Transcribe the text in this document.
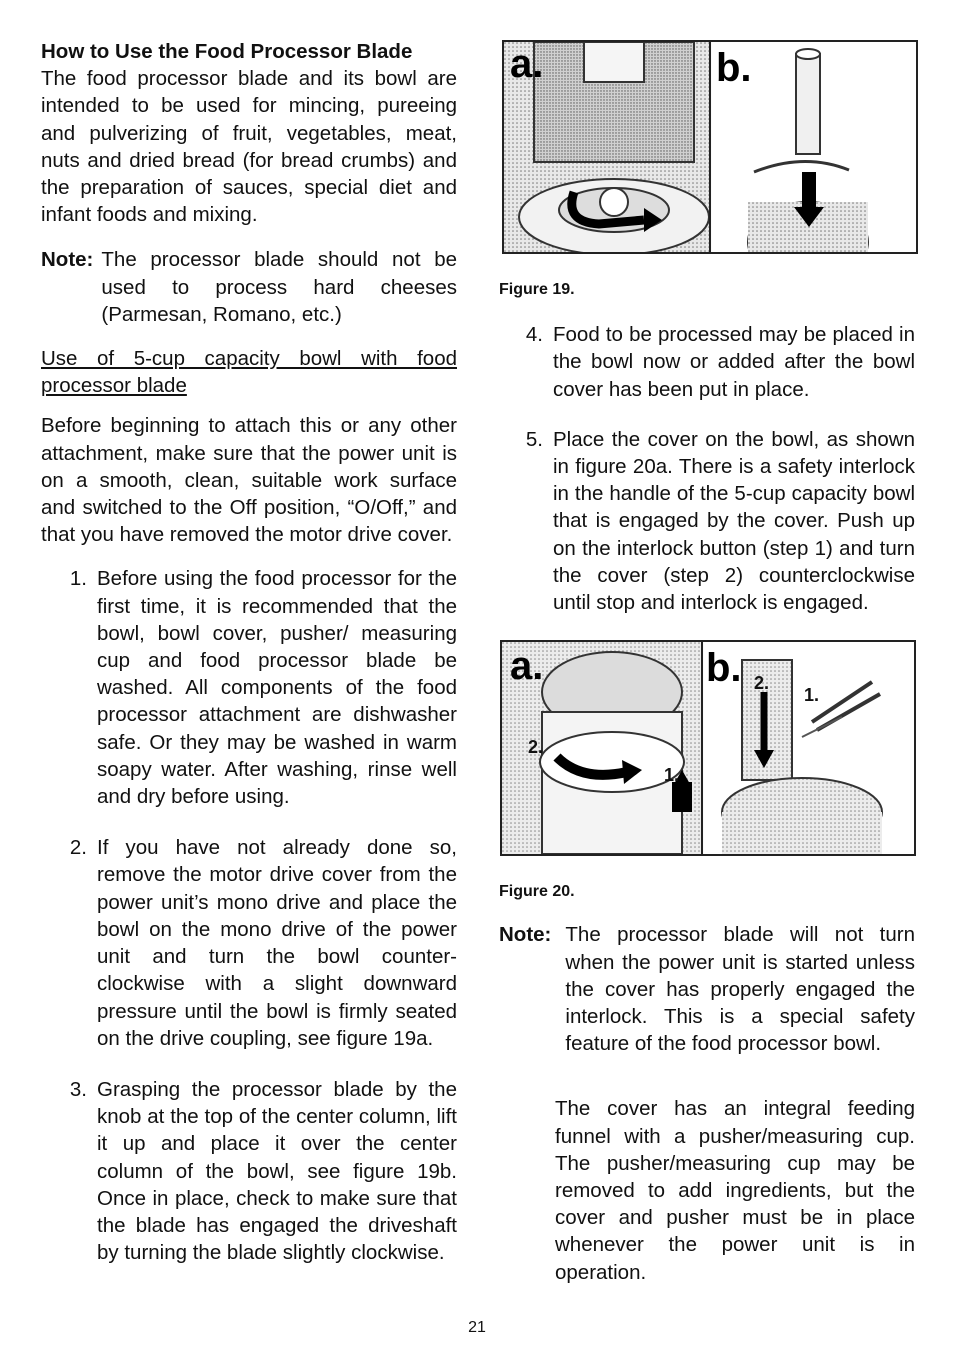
How to Use the Food Processor Blade

The food processor blade and its bowl are intended to be used for mincing, pureeing and pulverizing of fruit, vegetables, meat, nuts and dried bread (for bread crumbs) and the preparation of sauces, special diet and infant foods and mixing.

Note: The processor blade should not be used to process hard cheeses (Parmesan, Romano, etc.)

Use of 5-cup capacity bowl with food processor blade

Before beginning to attach this or any other attachment, make sure that the power unit is on a smooth, clean, suitable work surface and switched to the Off position, “O/Off,” and that you have removed the motor drive cover.

1. Before using the food processor for the first time, it is recommended that the bowl, bowl cover, pusher/ measuring cup and food processor blade be washed. All components of the food processor attachment are dishwasher safe. Or they may be washed in warm soapy water. After washing, rinse well and dry before using.
2. If you have not already done so, remove the motor drive cover from the power unit’s mono drive and place the bowl on the mono drive of the power unit and turn the bowl counter-clockwise with a slight downward pressure until the bowl is firmly seated on the drive coupling, see figure 19a.
3. Grasping the processor blade by the knob at the top of the center column, lift it up and place it over the center column of the bowl, see figure 19b. Once in place, check to make sure that the blade has engaged the driveshaft by turning the blade slightly clockwise.
a.	b.
Figure 19.
4. Food to be processed may be placed in the bowl now or added after the bowl cover has been put in place.
5. Place the cover on the bowl, as shown in figure 20a. There is a safety interlock in the handle of the 5-cup capacity bowl that is engaged by the cover. Push up on the interlock button (step 1) and turn the cover (step 2) counterclockwise until stop and interlock is engaged.
a.	b.
2.
1.
2.
1.
Figure 20.
Note: The processor blade will not turn when the power unit is started unless the cover has properly engaged the interlock. This is a special safety feature of the food processor bowl.

The cover has an integral feeding funnel with a pusher/measuring cup. The pusher/measuring cup may be removed to add ingredients, but the cover and pusher must be in place whenever the power unit is in operation.

21
